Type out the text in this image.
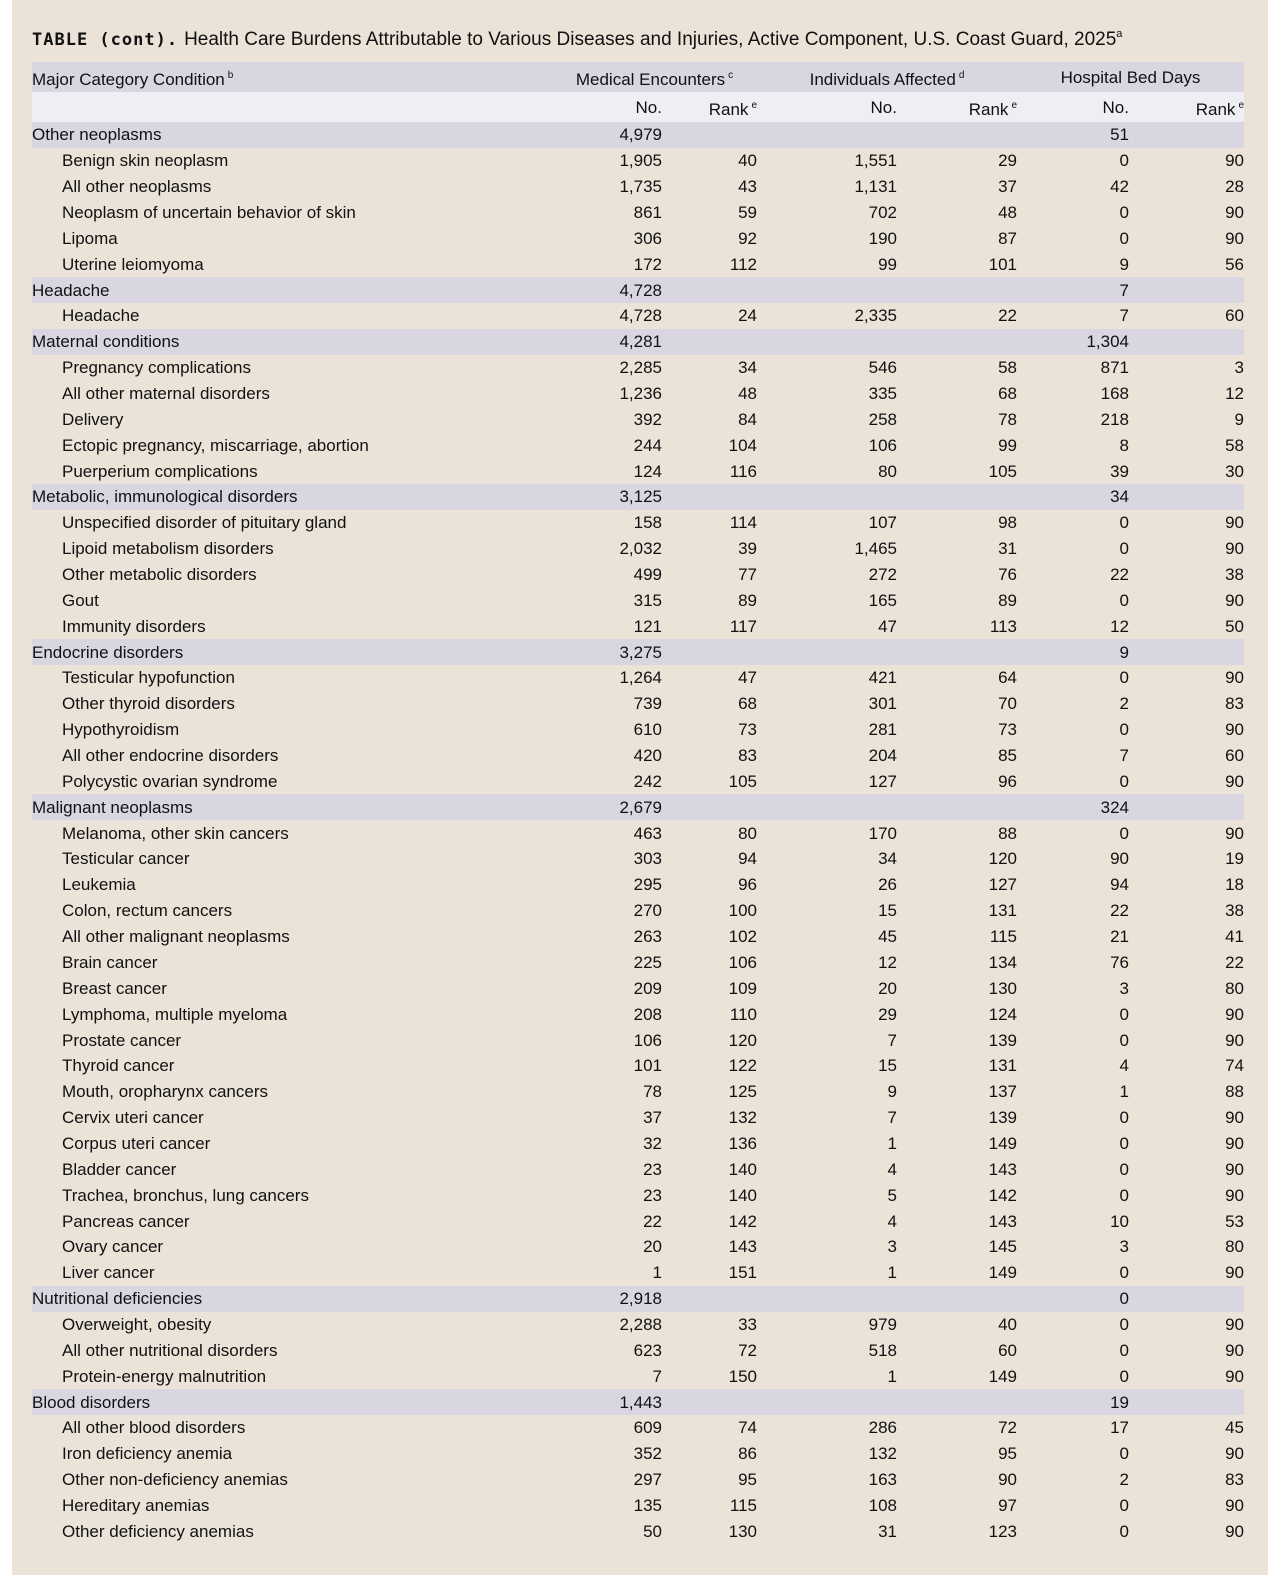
TABLE (cont). Health Care Burdens Attributable to Various Diseases and Injuries, Active Component, U.S. Coast Guard, 2025$^a$
Major Category Condition $^b$	Medical Encounters $^c$		Individuals Affected $^d$		Hospital Bed Days	
	No.	Rank $^e$	No.	Rank $^e$	No.	Rank $^e$
Other neoplasms	4,979				51	
Benign skin neoplasm	1,905	40	1,551	29	0	90
All other neoplasms	1,735	43	1,131	37	42	28
Neoplasm of uncertain behavior of skin	861	59	702	48	0	90
Lipoma	306	92	190	87	0	90
Uterine leiomyoma	172	112	99	101	9	56
Headache	4,728				7	
Headache	4,728	24	2,335	22	7	60
Maternal conditions	4,281				1,304	
Pregnancy complications	2,285	34	546	58	871	3
All other maternal disorders	1,236	48	335	68	168	12
Delivery	392	84	258	78	218	9
Ectopic pregnancy, miscarriage, abortion	244	104	106	99	8	58
Puerperium complications	124	116	80	105	39	30
Metabolic, immunological disorders	3,125				34	
Unspecified disorder of pituitary gland	158	114	107	98	0	90
Lipoid metabolism disorders	2,032	39	1,465	31	0	90
Other metabolic disorders	499	77	272	76	22	38
Gout	315	89	165	89	0	90
Immunity disorders	121	117	47	113	12	50
Endocrine disorders	3,275				9	
Testicular hypofunction	1,264	47	421	64	0	90
Other thyroid disorders	739	68	301	70	2	83
Hypothyroidism	610	73	281	73	0	90
All other endocrine disorders	420	83	204	85	7	60
Polycystic ovarian syndrome	242	105	127	96	0	90
Malignant neoplasms	2,679				324	
Melanoma, other skin cancers	463	80	170	88	0	90
Testicular cancer	303	94	34	120	90	19
Leukemia	295	96	26	127	94	18
Colon, rectum cancers	270	100	15	131	22	38
All other malignant neoplasms	263	102	45	115	21	41
Brain cancer	225	106	12	134	76	22
Breast cancer	209	109	20	130	3	80
Lymphoma, multiple myeloma	208	110	29	124	0	90
Prostate cancer	106	120	7	139	0	90
Thyroid cancer	101	122	15	131	4	74
Mouth, oropharynx cancers	78	125	9	137	1	88
Cervix uteri cancer	37	132	7	139	0	90
Corpus uteri cancer	32	136	1	149	0	90
Bladder cancer	23	140	4	143	0	90
Trachea, bronchus, lung cancers	23	140	5	142	0	90
Pancreas cancer	22	142	4	143	10	53
Ovary cancer	20	143	3	145	3	80
Liver cancer	1	151	1	149	0	90
Nutritional deficiencies	2,918				0	
Overweight, obesity	2,288	33	979	40	0	90
All other nutritional disorders	623	72	518	60	0	90
Protein-energy malnutrition	7	150	1	149	0	90
Blood disorders	1,443				19	
All other blood disorders	609	74	286	72	17	45
Iron deficiency anemia	352	86	132	95	0	90
Other non-deficiency anemias	297	95	163	90	2	83
Hereditary anemias	135	115	108	97	0	90
Other deficiency anemias	50	130	31	123	0	90
